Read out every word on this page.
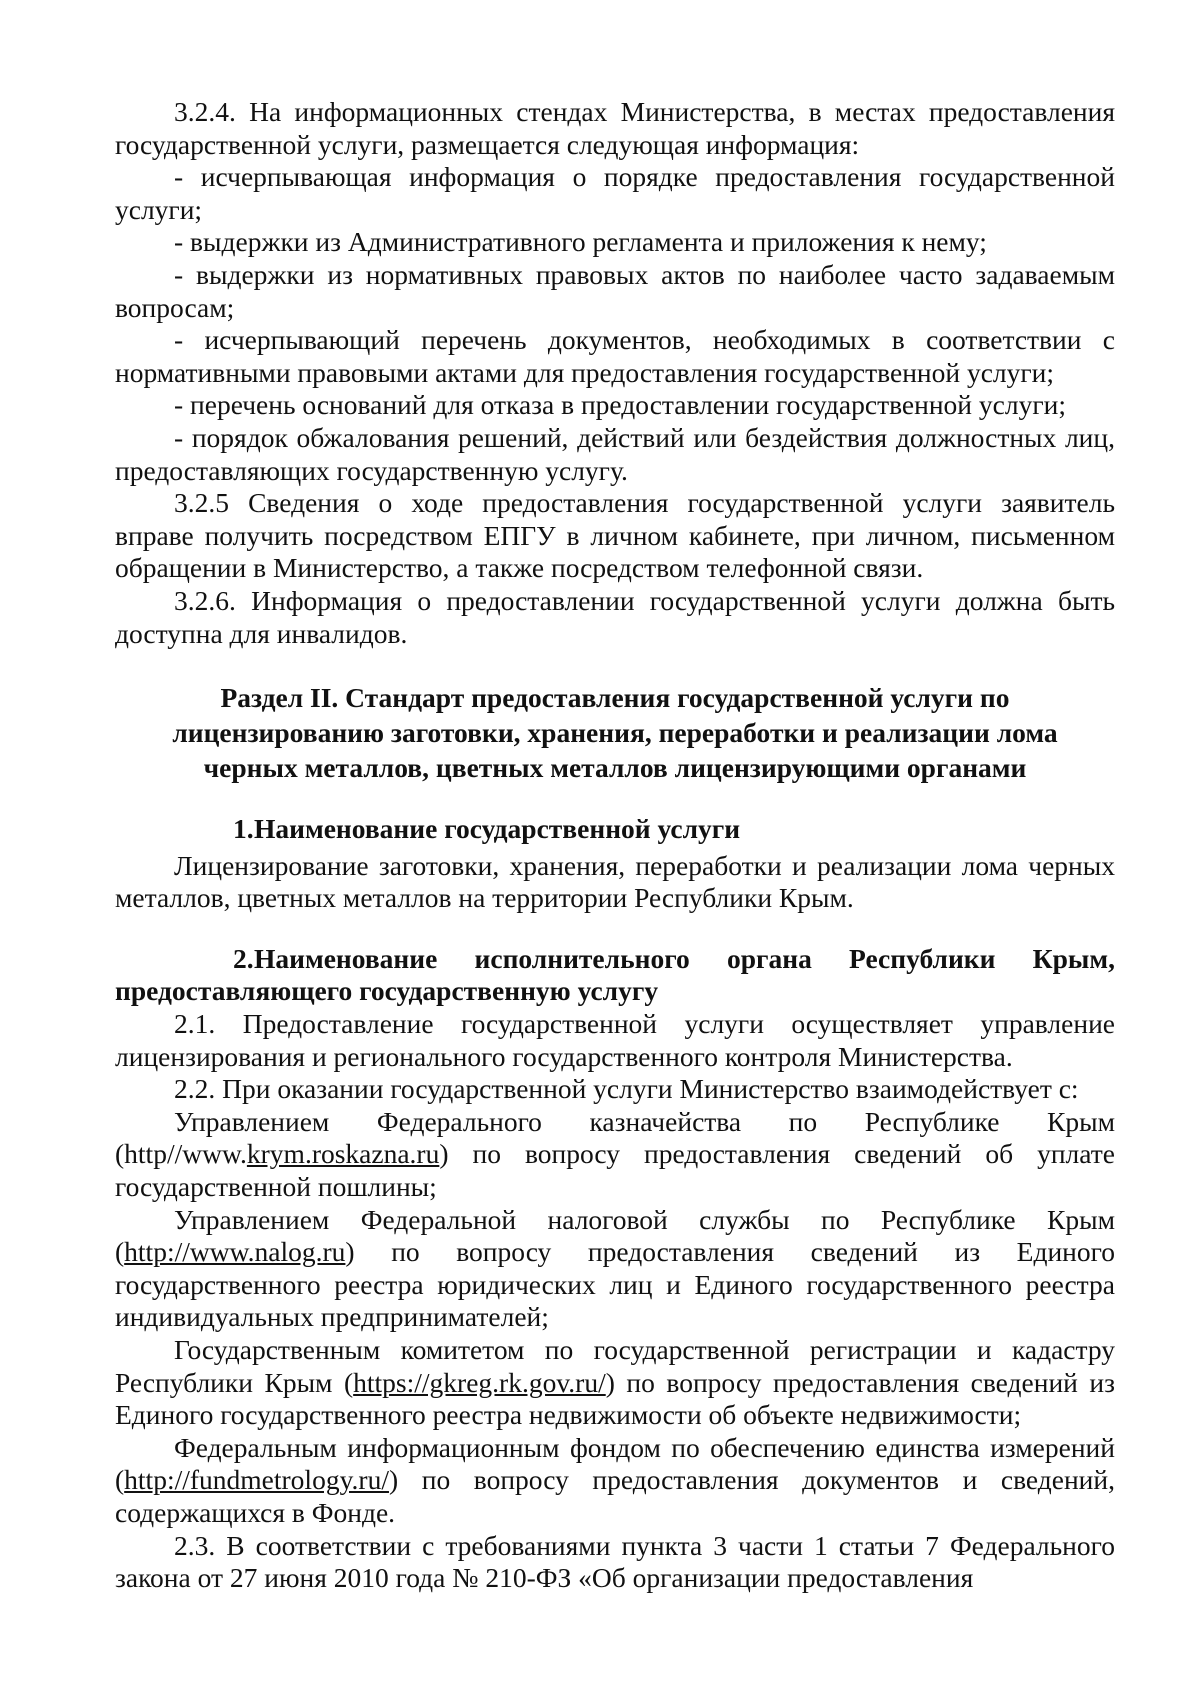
3.2.4. На информационных стендах Министерства, в местах предоставления государственной услуги, размещается следующая информация:

- исчерпывающая информация о порядке предоставления государственной услуги;

- выдержки из Административного регламента и приложения к нему;

- выдержки из нормативных правовых актов по наиболее часто задаваемым вопросам;

- исчерпывающий перечень документов, необходимых в соответствии с нормативными правовыми актами для предоставления государственной услуги;

- перечень оснований для отказа в предоставлении государственной услуги;

- порядок обжалования решений, действий или бездействия должностных лиц, предоставляющих государственную услугу.

3.2.5 Сведения о ходе предоставления государственной услуги заявитель вправе получить посредством ЕПГУ в личном кабинете, при личном, письменном обращении в Министерство, а также посредством телефонной связи.

3.2.6. Информация о предоставлении государственной услуги должна быть доступна для инвалидов.

Раздел II. Стандарт предоставления государственной услуги по
лицензированию заготовки, хранения, переработки и реализации лома
черных металлов, цветных металлов лицензирующими органами

1.Наименование государственной услуги

Лицензирование заготовки, хранения, переработки и реализации лома черных металлов, цветных металлов на территории Республики Крым.

2.Наименование исполнительного органа Республики Крым, предоставляющего государственную услугу

2.1. Предоставление государственной услуги осуществляет управление лицензирования и регионального государственного контроля Министерства.

2.2. При оказании государственной услуги Министерство взаимодействует с:

Управлением Федерального казначейства по Республике Крым (http//www.krym.roskazna.ru) по вопросу предоставления сведений об уплате государственной пошлины;

Управлением Федеральной налоговой службы по Республике Крым (http://www.nalog.ru) по вопросу предоставления сведений из Единого государственного реестра юридических лиц и Единого государственного реестра индивидуальных предпринимателей;

Государственным комитетом по государственной регистрации и кадастру Республики Крым (https://gkreg.rk.gov.ru/) по вопросу предоставления сведений из Единого государственного реестра недвижимости об объекте недвижимости;

Федеральным информационным фондом по обеспечению единства измерений (http://fundmetrology.ru/) по вопросу предоставления документов и сведений, содержащихся в Фонде.

2.3. В соответствии с требованиями пункта 3 части 1 статьи 7 Федерального закона от 27 июня 2010 года № 210-ФЗ «Об организации предоставления
